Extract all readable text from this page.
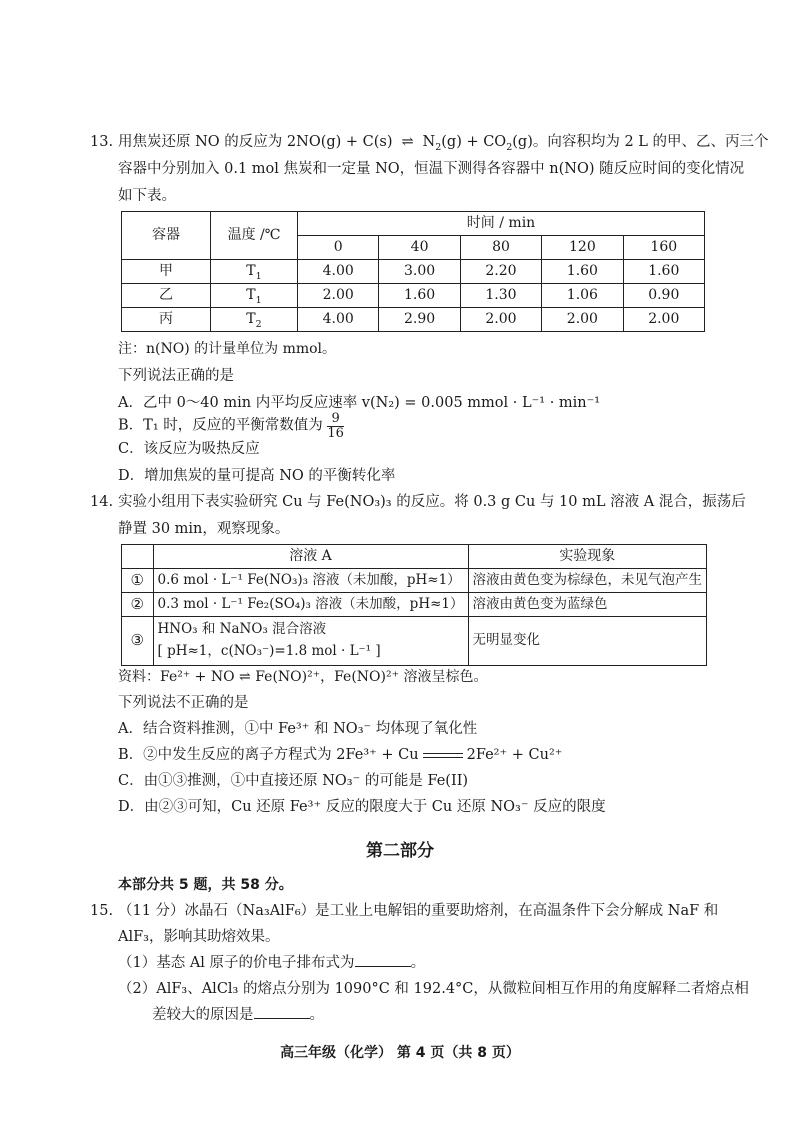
13. 用焦炭还原 NO 的反应为 2NO(g) + C(s) ⇌ $N_2(g) + CO_2(g)$。向容积均为 2 L 的甲、乙、丙三个
容器中分别加入 0.1 mol 焦炭和一定量 NO，恒温下测得各容器中 n(NO) 随反应时间的变化情况
如下表。
容器	温度 /℃	时间 / min				
		0	40	80	120	160
甲	$T_1$	4.00	3.00	2.20	1.60	1.60
乙	$T_1$	2.00	1.60	1.30	1.06	0.90
丙	$T_2$	4.00	2.90	2.00	2.00	2.00
注：n(NO) 的计量单位为 mmol。
下列说法正确的是
A．乙中 0～40 min 内平均反应速率 v(N₂) = 0.005 mmol · L⁻¹ · min⁻¹
B．T₁ 时，反应的平衡常数值为 $\frac{9}{16}$
C．该反应为吸热反应
D．增加焦炭的量可提高 NO 的平衡转化率
14. 实验小组用下表实验研究 Cu 与 Fe(NO₃)₃ 的反应。将 0.3 g Cu 与 10 mL 溶液 A 混合，振荡后
静置 30 min，观察现象。
	溶液 A	实验现象
①	0.6 mol · L⁻¹ Fe(NO₃)₃ 溶液（未加酸，pH≈1）	溶液由黄色变为棕绿色，未见气泡产生
②	0.3 mol · L⁻¹ Fe₂(SO₄)₃ 溶液（未加酸，pH≈1）	溶液由黄色变为蓝绿色
③	HNO₃ 和 NaNO₃ 混合溶液
[ pH≈1，c(NO₃⁻)=1.8 mol · L⁻¹ ]	无明显变化
资料：Fe²⁺ + NO ⇌ Fe(NO)²⁺，Fe(NO)²⁺ 溶液呈棕色。
下列说法不正确的是
A．结合资料推测，①中 Fe³⁺ 和 NO₃⁻ 均体现了氧化性
B．②中发生反应的离子方程式为 2Fe³⁺ + Cu	2Fe²⁺ + Cu²⁺
C．由①③推测，①中直接还原 NO₃⁻ 的可能是 Fe(II)
D．由②③可知，Cu 还原 Fe³⁺ 反应的限度大于 Cu 还原 NO₃⁻ 反应的限度
第二部分
本部分共 5 题，共 58 分。
15. （11 分）冰晶石（Na₃AlF₆）是工业上电解铝的重要助熔剂，在高温条件下会分解成 NaF 和
AlF₃，影响其助熔效果。
（1）基态 Al 原子的价电子排布式为	。
（2）AlF₃、AlCl₃ 的熔点分别为 1090°C 和 192.4°C，从微粒间相互作用的角度解释二者熔点相
差较大的原因是	。
高三年级（化学） 第 4 页（共 8 页）
